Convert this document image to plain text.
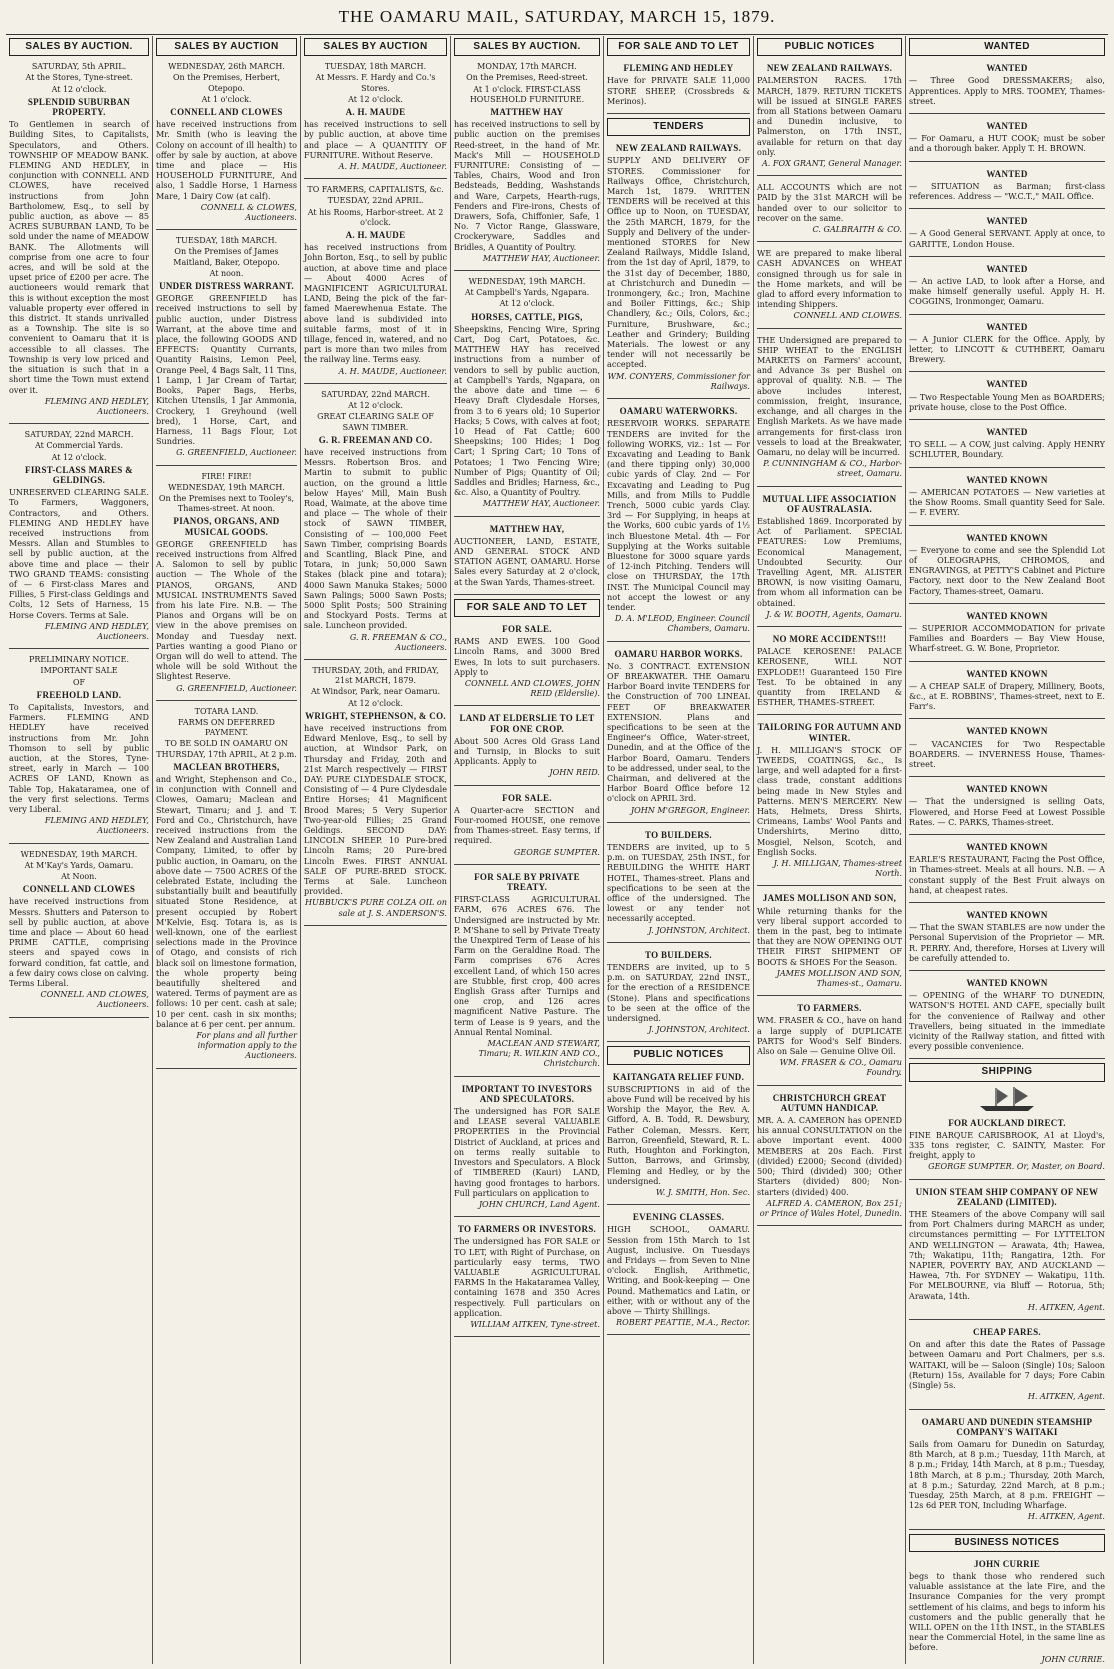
THE OAMARU MAIL, SATURDAY, MARCH 15, 1879.
SALES BY AUCTION.
SATURDAY, 5th APRIL.
At the Stores, Tyne-street.
At 12 o'clock.
SPLENDID SUBURBAN PROPERTY.
To Gentlemen in search of Building Sites, to Capitalists, Speculators, and Others. TOWNSHIP OF MEADOW BANK. FLEMING AND HEDLEY, in conjunction with CONNELL AND CLOWES, have received instructions from John Bartholomew, Esq., to sell by public auction, as above — 85 ACRES SUBURBAN LAND, To be sold under the name of MEADOW BANK. The Allotments will comprise from one acre to four acres, and will be sold at the upset price of £200 per acre. The auctioneers would remark that this is without exception the most valuable property ever offered in this district. It stands unrivalled as a Township. The site is so convenient to Oamaru that it is accessible to all classes. The Township is very low priced and the situation is such that in a short time the Town must extend over it.
FLEMING AND HEDLEY, Auctioneers.
SATURDAY, 22nd MARCH.
At Commercial Yards.
At 12 o'clock.
FIRST-CLASS MARES & GELDINGS.
UNRESERVED CLEARING SALE. To Farmers, Waggoners, Contractors, and Others. FLEMING AND HEDLEY have received instructions from Messrs. Allan and Stumbles to sell by public auction, at the above time and place — their TWO GRAND TEAMS: consisting of — 6 First-class Mares and Fillies, 5 First-class Geldings and Colts, 12 Sets of Harness, 15 Horse Covers. Terms at Sale.
FLEMING AND HEDLEY, Auctioneers.
PRELIMINARY NOTICE.
IMPORTANT SALE
OF
FREEHOLD LAND.
To Capitalists, Investors, and Farmers. FLEMING AND HEDLEY have received instructions from Mr. John Thomson to sell by public auction, at the Stores, Tyne-street, early in March — 100 ACRES OF LAND, Known as Table Top, Hakataramea, one of the very first selections. Terms very Liberal.
FLEMING AND HEDLEY, Auctioneers.
WEDNESDAY, 19th MARCH.
At M'Kay's Yards, Oamaru.
At Noon.
CONNELL AND CLOWES
have received instructions from Messrs. Shutters and Paterson to sell by public auction, at above time and place — About 60 head PRIME CATTLE, comprising steers and spayed cows in forward condition, fat cattle, and a few dairy cows close on calving. Terms Liberal.
CONNELL AND CLOWES, Auctioneers.
SALES BY AUCTION
WEDNESDAY, 26th MARCH.
On the Premises, Herbert, Otepopo.
At 1 o'clock.
CONNELL AND CLOWES
have received instructions from Mr. Smith (who is leaving the Colony on account of ill health) to offer by sale by auction, at above time and place — His HOUSEHOLD FURNITURE, And also, 1 Saddle Horse, 1 Harness Mare, 1 Dairy Cow (at calf).
CONNELL & CLOWES, Auctioneers.
TUESDAY, 18th MARCH.
On the Premises of James Maitland, Baker, Otepopo.
At noon.
UNDER DISTRESS WARRANT.
GEORGE GREENFIELD has received instructions to sell by public auction, under Distress Warrant, at the above time and place, the following GOODS AND EFFECTS: Quantity Currants, Quantity Raisins, Lemon Peel, Orange Peel, 4 Bags Salt, 11 Tins, 1 Lamp, 1 Jar Cream of Tartar, Books, Paper Bags, Herbs, Kitchen Utensils, 1 Jar Ammonia, Crockery, 1 Greyhound (well bred), 1 Horse, Cart, and Harness, 11 Bags Flour, Lot Sundries.
G. GREENFIELD, Auctioneer.
FIRE! FIRE!
WEDNESDAY, 19th MARCH.
On the Premises next to Tooley's, Thames-street. At noon.
PIANOS, ORGANS, AND MUSICAL GOODS.
GEORGE GREENFIELD has received instructions from Alfred A. Salomon to sell by public auction — The Whole of the PIANOS, ORGANS, AND MUSICAL INSTRUMENTS Saved from his late Fire. N.B. — The Pianos and Organs will be on view in the above premises on Monday and Tuesday next. Parties wanting a good Piano or Organ will do well to attend. The whole will be sold Without the Slightest Reserve.
G. GREENFIELD, Auctioneer.
TOTARA LAND.
FARMS ON DEFERRED PAYMENT.
TO BE SOLD IN OAMARU ON THURSDAY, 17th APRIL, At 2 p.m.
MACLEAN BROTHERS,
and Wright, Stephenson and Co., in conjunction with Connell and Clowes, Oamaru; Maclean and Stewart, Timaru; and J. and T. Ford and Co., Christchurch, have received instructions from the New Zealand and Australian Land Company, Limited, to offer by public auction, in Oamaru, on the above date — 7500 ACRES Of the celebrated Estate, including the substantially built and beautifully situated Stone Residence, at present occupied by Robert M'Kelvie, Esq. Totara is, as is well-known, one of the earliest selections made in the Province of Otago, and consists of rich black soil on limestone formation, the whole property being beautifully sheltered and watered. Terms of payment are as follows: 10 per cent. cash at sale; 10 per cent. cash in six months; balance at 6 per cent. per annum.
For plans and all further information apply to the Auctioneers.
SALES BY AUCTION
TUESDAY, 18th MARCH.
At Messrs. F. Hardy and Co.'s Stores.
At 12 o'clock.
A. H. MAUDE
has received instructions to sell by public auction, at above time and place — A QUANTITY OF FURNITURE. Without Reserve.
A. H. MAUDE, Auctioneer.
TO FARMERS, CAPITALISTS, &c.
TUESDAY, 22nd APRIL.
At his Rooms, Harbor-street. At 2 o'clock.
A. H. MAUDE
has received instructions from John Borton, Esq., to sell by public auction, at above time and place — About 4000 Acres of MAGNIFICENT AGRICULTURAL LAND, Being the pick of the far-famed Maerewhenua Estate. The above land is subdivided into suitable farms, most of it in tillage, fenced in, watered, and no part is more than two miles from the railway line. Terms easy.
A. H. MAUDE, Auctioneer.
SATURDAY, 22nd MARCH.
At 12 o'clock.
GREAT CLEARING SALE OF SAWN TIMBER.
G. R. FREEMAN AND CO.
have received instructions from Messrs. Robertson Bros. and Martin to submit to public auction, on the ground a little below Hayes' Mill, Main Bush Road, Waimate, at the above time and place — The whole of their stock of SAWN TIMBER, Consisting of — 100,000 Feet Sawn Timber, comprising Boards and Scantling, Black Pine, and Totara, in junk; 50,000 Sawn Stakes (black pine and totara); 4000 Sawn Manuka Stakes; 5000 Sawn Palings; 5000 Sawn Posts; 5000 Split Posts; 500 Straining and Stockyard Posts. Terms at sale. Luncheon provided.
G. R. FREEMAN & CO., Auctioneers.
THURSDAY, 20th, and FRIDAY, 21st MARCH, 1879.
At Windsor, Park, near Oamaru.
At 12 o'clock.
WRIGHT, STEPHENSON, & CO.
have received instructions from Edward Menlove, Esq., to sell by auction, at Windsor Park, on Thursday and Friday, 20th and 21st March respectively — FIRST DAY: PURE CLYDESDALE STOCK, Consisting of — 4 Pure Clydesdale Entire Horses; 41 Magnificent Brood Mares; 5 Very Superior Two-year-old Fillies; 25 Grand Geldings. SECOND DAY: LINCOLN SHEEP. 10 Pure-bred Lincoln Rams; 20 Pure-bred Lincoln Ewes. FIRST ANNUAL SALE OF PURE-BRED STOCK. Terms at Sale. Luncheon provided.
HUBBUCK'S PURE COLZA OIL on sale at J. S. ANDERSON'S.
SALES BY AUCTION.
MONDAY, 17th MARCH.
On the Premises, Reed-street.
At 1 o'clock. FIRST-CLASS HOUSEHOLD FURNITURE.
MATTHEW HAY
has received instructions to sell by public auction on the premises Reed-street, in the hand of Mr. Mack's Mill — HOUSEHOLD FURNITURE: Consisting of — Tables, Chairs, Wood and Iron Bedsteads, Bedding, Washstands and Ware, Carpets, Hearth-rugs, Fenders and Fire-irons, Chests of Drawers, Sofa, Chiffonier, Safe, 1 No. 7 Victor Range, Glassware, Crockeryware, Saddles and Bridles, A Quantity of Poultry.
MATTHEW HAY, Auctioneer.
WEDNESDAY, 19th MARCH.
At Campbell's Yards, Ngapara.
At 12 o'clock.
HORSES, CATTLE, PIGS,
Sheepskins, Fencing Wire, Spring Cart, Dog Cart, Potatoes, &c. MATTHEW HAY has received instructions from a number of vendors to sell by public auction, at Campbell's Yards, Ngapara, on the above date and time — 6 Heavy Draft Clydesdale Horses, from 3 to 6 years old; 10 Superior Hacks; 5 Cows, with calves at foot; 10 Head of Fat Cattle; 600 Sheepskins; 100 Hides; 1 Dog Cart; 1 Spring Cart; 10 Tons of Potatoes; 1 Two Fencing Wire; Number of Pigs; Quantity of Oil; Saddles and Bridles; Harness, &c., &c. Also, a Quantity of Poultry.
MATTHEW HAY, Auctioneer.
MATTHEW HAY,
AUCTIONEER, LAND, ESTATE, AND GENERAL STOCK AND STATION AGENT, OAMARU. Horse Sales every Saturday at 2 o'clock, at the Swan Yards, Thames-street.
FOR SALE AND TO LET
FOR SALE.
RAMS AND EWES. 100 Good Lincoln Rams, and 3000 Bred Ewes, In lots to suit purchasers. Apply to
CONNELL AND CLOWES, JOHN REID (Elderslie).
LAND AT ELDERSLIE TO LET FOR ONE CROP.
About 500 Acres Old Grass Land and Turnsip, in Blocks to suit Applicants. Apply to
JOHN REID.
FOR SALE.
A Quarter-acre SECTION and Four-roomed HOUSE, one remove from Thames-street. Easy terms, if required.
GEORGE SUMPTER.
FOR SALE BY PRIVATE TREATY.
FIRST-CLASS AGRICULTURAL FARM, 676 ACRES 676. The Undersigned are instructed by Mr. P. M'Shane to sell by Private Treaty the Unexpired Term of Lease of his Farm on the Geraldine Road. The Farm comprises 676 Acres excellent Land, of which 150 acres are Stubble, first crop, 400 acres English Grass after Turnips and one crop, and 126 acres magnificent Native Pasture. The term of Lease is 9 years, and the Annual Rental Nominal.
MACLEAN AND STEWART, Timaru; R. WILKIN AND CO., Christchurch.
IMPORTANT TO INVESTORS AND SPECULATORS.
The undersigned has FOR SALE and LEASE several VALUABLE PROPERTIES in the Provincial District of Auckland, at prices and on terms really suitable to Investors and Speculators. A Block of TIMBERED (Kauri) LAND, having good frontages to harbors. Full particulars on application to
JOHN CHURCH, Land Agent.
TO FARMERS OR INVESTORS.
The undersigned has FOR SALE or TO LET, with Right of Purchase, on particularly easy terms, TWO VALUABLE AGRICULTURAL FARMS In the Hakataramea Valley, containing 1678 and 350 Acres respectively. Full particulars on application.
WILLIAM AITKEN, Tyne-street.
FOR SALE AND TO LET
FLEMING AND HEDLEY
Have for PRIVATE SALE 11,000 STORE SHEEP, (Crossbreds & Merinos).
TENDERS
NEW ZEALAND RAILWAYS.
SUPPLY AND DELIVERY OF STORES. Commissioner for Railways Office, Christchurch, March 1st, 1879. WRITTEN TENDERS will be received at this Office up to Noon, on TUESDAY, the 25th MARCH, 1879, for the Supply and Delivery of the under-mentioned STORES for New Zealand Railways, Middle Island, from the 1st day of April, 1879, to the 31st day of December, 1880, at Christchurch and Dunedin — Ironmongery, &c.; Iron, Machine and Boiler Fittings, &c.; Ship Chandlery, &c.; Oils, Colors, &c.; Furniture, Brushware, &c.; Leather and Grindery; Building Materials. The lowest or any tender will not necessarily be accepted.
WM. CONYERS, Commissioner for Railways.
OAMARU WATERWORKS.
RESERVOIR WORKS. SEPARATE TENDERS are invited for the following WORKS, viz.: 1st — For Excavating and Leading to Bank (and there tipping only) 30,000 cubic yards of Clay. 2nd — For Excavating and Leading to Pug Mills, and from Mills to Puddle Trench, 5000 cubic yards Clay. 3rd — For Supplying, in heaps at the Works, 600 cubic yards of 1½ inch Bluestone Metal. 4th — For Supplying at the Works suitable Bluestone for 3000 square yards of 12-inch Pitching. Tenders will close on THURSDAY, the 17th INST. The Municipal Council may not accept the lowest or any tender.
D. A. M'LEOD, Engineer. Council Chambers, Oamaru.
OAMARU HARBOR WORKS.
No. 3 CONTRACT. EXTENSION OF BREAKWATER. THE Oamaru Harbor Board invite TENDERS for the Construction of 700 LINEAL FEET OF BREAKWATER EXTENSION. Plans and specifications to be seen at the Engineer's Office, Water-street, Dunedin, and at the Office of the Harbor Board, Oamaru. Tenders to be addressed, under seal, to the Chairman, and delivered at the Harbor Board Office before 12 o'clock on APRIL 3rd.
JOHN M'GREGOR, Engineer.
TO BUILDERS.
TENDERS are invited, up to 5 p.m. on TUESDAY, 25th INST., for REBUILDING the WHITE HART HOTEL, Thames-street. Plans and specifications to be seen at the office of the undersigned. The lowest or any tender not necessarily accepted.
J. JOHNSTON, Architect.
TO BUILDERS.
TENDERS are invited, up to 5 p.m. on SATURDAY, 22nd INST., for the erection of a RESIDENCE (Stone). Plans and specifications to be seen at the office of the undersigned.
J. JOHNSTON, Architect.
PUBLIC NOTICES
KAITANGATA RELIEF FUND.
SUBSCRIPTIONS in aid of the above Fund will be received by his Worship the Mayor, the Rev. A. Gifford, A. B. Todd, R. Dewsbury, Father Coleman, Messrs. Kerr, Barron, Greenfield, Steward, R. L. Ruth, Houghton and Forkington, Sutton, Barrows, and Grimsby, Fleming and Hedley, or by the undersigned.
W. J. SMITH, Hon. Sec.
EVENING CLASSES.
HIGH SCHOOL, OAMARU. Session from 15th March to 1st August, inclusive. On Tuesdays and Fridays — from Seven to Nine o'clock. English, Arithmetic, Writing, and Book-keeping — One Pound. Mathematics and Latin, or either, with or without any of the above — Thirty Shillings.
ROBERT PEATTIE, M.A., Rector.
PUBLIC NOTICES
NEW ZEALAND RAILWAYS.
PALMERSTON RACES. 17th MARCH, 1879. RETURN TICKETS will be issued at SINGLE FARES from all Stations between Oamaru and Dunedin inclusive, to Palmerston, on 17th INST., available for return on that day only.
A. FOX GRANT, General Manager.
ALL ACCOUNTS which are not PAID by the 31st MARCH will be handed over to our solicitor to recover on the same.
C. GALBRAITH & CO.
WE are prepared to make liberal CASH ADVANCES on WHEAT consigned through us for sale in the Home markets, and will be glad to afford every information to intending Shippers.
CONNELL AND CLOWES.
THE Undersigned are prepared to SHIP WHEAT to the ENGLISH MARKETS on Farmers' account, and Advance 3s per Bushel on approval of quality. N.B. — The above includes interest, commission, freight, insurance, exchange, and all charges in the English Markets. As we have made arrangements for first-class iron vessels to load at the Breakwater, Oamaru, no delay will be incurred.
P. CUNNINGHAM & CO., Harbor-street, Oamaru.
MUTUAL LIFE ASSOCIATION OF AUSTRALASIA.
Established 1869. Incorporated by Act of Parliament. SPECIAL FEATURES: Low Premiums, Economical Management, Undoubted Security. Our Travelling Agent, MR. ALISTER BROWN, is now visiting Oamaru, from whom all information can be obtained.
J. & W. BOOTH, Agents, Oamaru.
NO MORE ACCIDENTS!!!
PALACE KEROSENE! PALACE KEROSENE, WILL NOT EXPLODE!! Guaranteed 150 Fire Test. To be obtained in any quantity from IRELAND & ESTHER, THAMES-STREET.
TAILORING FOR AUTUMN AND WINTER.
J. H. MILLIGAN'S STOCK OF TWEEDS, COATINGS, &c., Is large, and well adapted for a first-class trade, constant additions being made in New Styles and Patterns. MEN'S MERCERY. New Hats, Helmets, Dress Shirts, Crimeans, Lambs' Wool Pants and Undershirts, Merino ditto, Mosgiel, Nelson, Scotch, and English Socks.
J. H. MILLIGAN, Thames-street North.
JAMES MOLLISON AND SON,
While returning thanks for the very liberal support accorded to them in the past, beg to intimate that they are NOW OPENING OUT THEIR FIRST SHIPMENT OF BOOTS & SHOES For the Season.
JAMES MOLLISON AND SON, Thames-st., Oamaru.
TO FARMERS.
WM. FRASER & CO., have on hand a large supply of DUPLICATE PARTS for Wood's Self Binders. Also on Sale — Genuine Olive Oil.
WM. FRASER & CO., Oamaru Foundry.
CHRISTCHURCH GREAT AUTUMN HANDICAP.
MR. A. A. CAMERON has OPENED his annual CONSULTATION on the above important event. 4000 MEMBERS at 20s Each. First (divided) £2000; Second (divided) 500; Third (divided) 300; Other Starters (divided) 800; Non-starters (divided) 400.
ALFRED A. CAMERON, Box 251; or Prince of Wales Hotel, Dunedin.
WANTED
WANTED
— Three Good DRESSMAKERS; also, Apprentices. Apply to MRS. TOOMEY, Thames-street.
WANTED
— For Oamaru, a HUT COOK; must be sober and a thorough baker. Apply T. H. BROWN.
WANTED
— SITUATION as Barman; first-class references. Address — "W.C.T.," MAIL Office.
WANTED
— A Good General SERVANT. Apply at once, to GARITTE, London House.
WANTED
— An active LAD, to look after a Horse, and make himself generally useful. Apply H. H. COGGINS, Ironmonger, Oamaru.
WANTED
— A Junior CLERK for the Office. Apply, by letter, to LINCOTT & CUTHBERT, Oamaru Brewery.
WANTED
— Two Respectable Young Men as BOARDERS; private house, close to the Post Office.
WANTED
TO SELL — A COW, just calving. Apply HENRY SCHLUTER, Boundary.
WANTED KNOWN
— AMERICAN POTATOES — New varieties at the Show Rooms. Small quantity Seed for Sale. — F. EVERY.
WANTED KNOWN
— Everyone to come and see the Splendid Lot of OLEOGRAPHS, CHROMOS, and ENGRAVINGS, at PETTY'S Cabinet and Picture Factory, next door to the New Zealand Boot Factory, Thames-street, Oamaru.
WANTED KNOWN
— SUPERIOR ACCOMMODATION for private Families and Boarders — Bay View House, Wharf-street. G. W. Bone, Proprietor.
WANTED KNOWN
— A CHEAP SALE of Drapery, Millinery, Boots, &c., at E. ROBBINS', Thames-street, next to E. Farr's.
WANTED KNOWN
— VACANCIES for Two Respectable BOARDERS. — INVERNESS House, Thames-street.
WANTED KNOWN
— That the undersigned is selling Oats, Flowered, and Horse Feed at Lowest Possible Rates. — C. PARKS, Thames-street.
WANTED KNOWN
EARLE'S RESTAURANT, Facing the Post Office, in Thames-street. Meals at all hours. N.B. — A constant supply of the Best Fruit always on hand, at cheapest rates.
WANTED KNOWN
— That the SWAN STABLES are now under the Personal Supervision of the Proprietor — MR. R. PERRY. And, therefore, Horses at Livery will be carefully attended to.
WANTED KNOWN
— OPENING of the WHARF TO DUNEDIN, WATSON'S HOTEL AND CAFE, specially built for the convenience of Railway and other Travellers, being situated in the immediate vicinity of the Railway station, and fitted with every possible convenience.
SHIPPING
FOR AUCKLAND DIRECT.
FINE BARQUE CARISBROOK, A1 at Lloyd's, 335 tons register, C. SAINTY, Master. For freight, apply to
GEORGE SUMPTER. Or, Master, on Board.
UNION STEAM SHIP COMPANY OF NEW ZEALAND (LIMITED).
THE Steamers of the above Company will sail from Port Chalmers during MARCH as under, circumstances permitting — For LYTTELTON AND WELLINGTON — Arawata, 4th; Hawea, 7th; Wakatipu, 11th; Rangatira, 12th. For NAPIER, POVERTY BAY, AND AUCKLAND — Hawea, 7th. For SYDNEY — Wakatipu, 11th. For MELBOURNE, via Bluff — Rotorua, 5th; Arawata, 14th.
H. AITKEN, Agent.
CHEAP FARES.
On and after this date the Rates of Passage between Oamaru and Port Chalmers, per s.s. WAITAKI, will be — Saloon (Single) 10s; Saloon (Return) 15s, Available for 7 days; Fore Cabin (Single) 5s.
H. AITKEN, Agent.
OAMARU AND DUNEDIN STEAMSHIP COMPANY'S WAITAKI
Sails from Oamaru for Dunedin on Saturday, 8th March, at 8 p.m.; Tuesday, 11th March, at 8 p.m.; Friday, 14th March, at 8 p.m.; Tuesday, 18th March, at 8 p.m.; Thursday, 20th March, at 8 p.m.; Saturday, 22nd March, at 8 p.m.; Tuesday, 25th March, at 8 p.m. FREIGHT — 12s 6d PER TON, Including Wharfage.
H. AITKEN, Agent.
BUSINESS NOTICES
JOHN CURRIE
begs to thank those who rendered such valuable assistance at the late Fire, and the Insurance Companies for the very prompt settlement of his claims, and begs to inform his customers and the public generally that he WILL OPEN on the 11th INST., in the STABLES near the Commercial Hotel, in the same line as before.
JOHN CURRIE.
